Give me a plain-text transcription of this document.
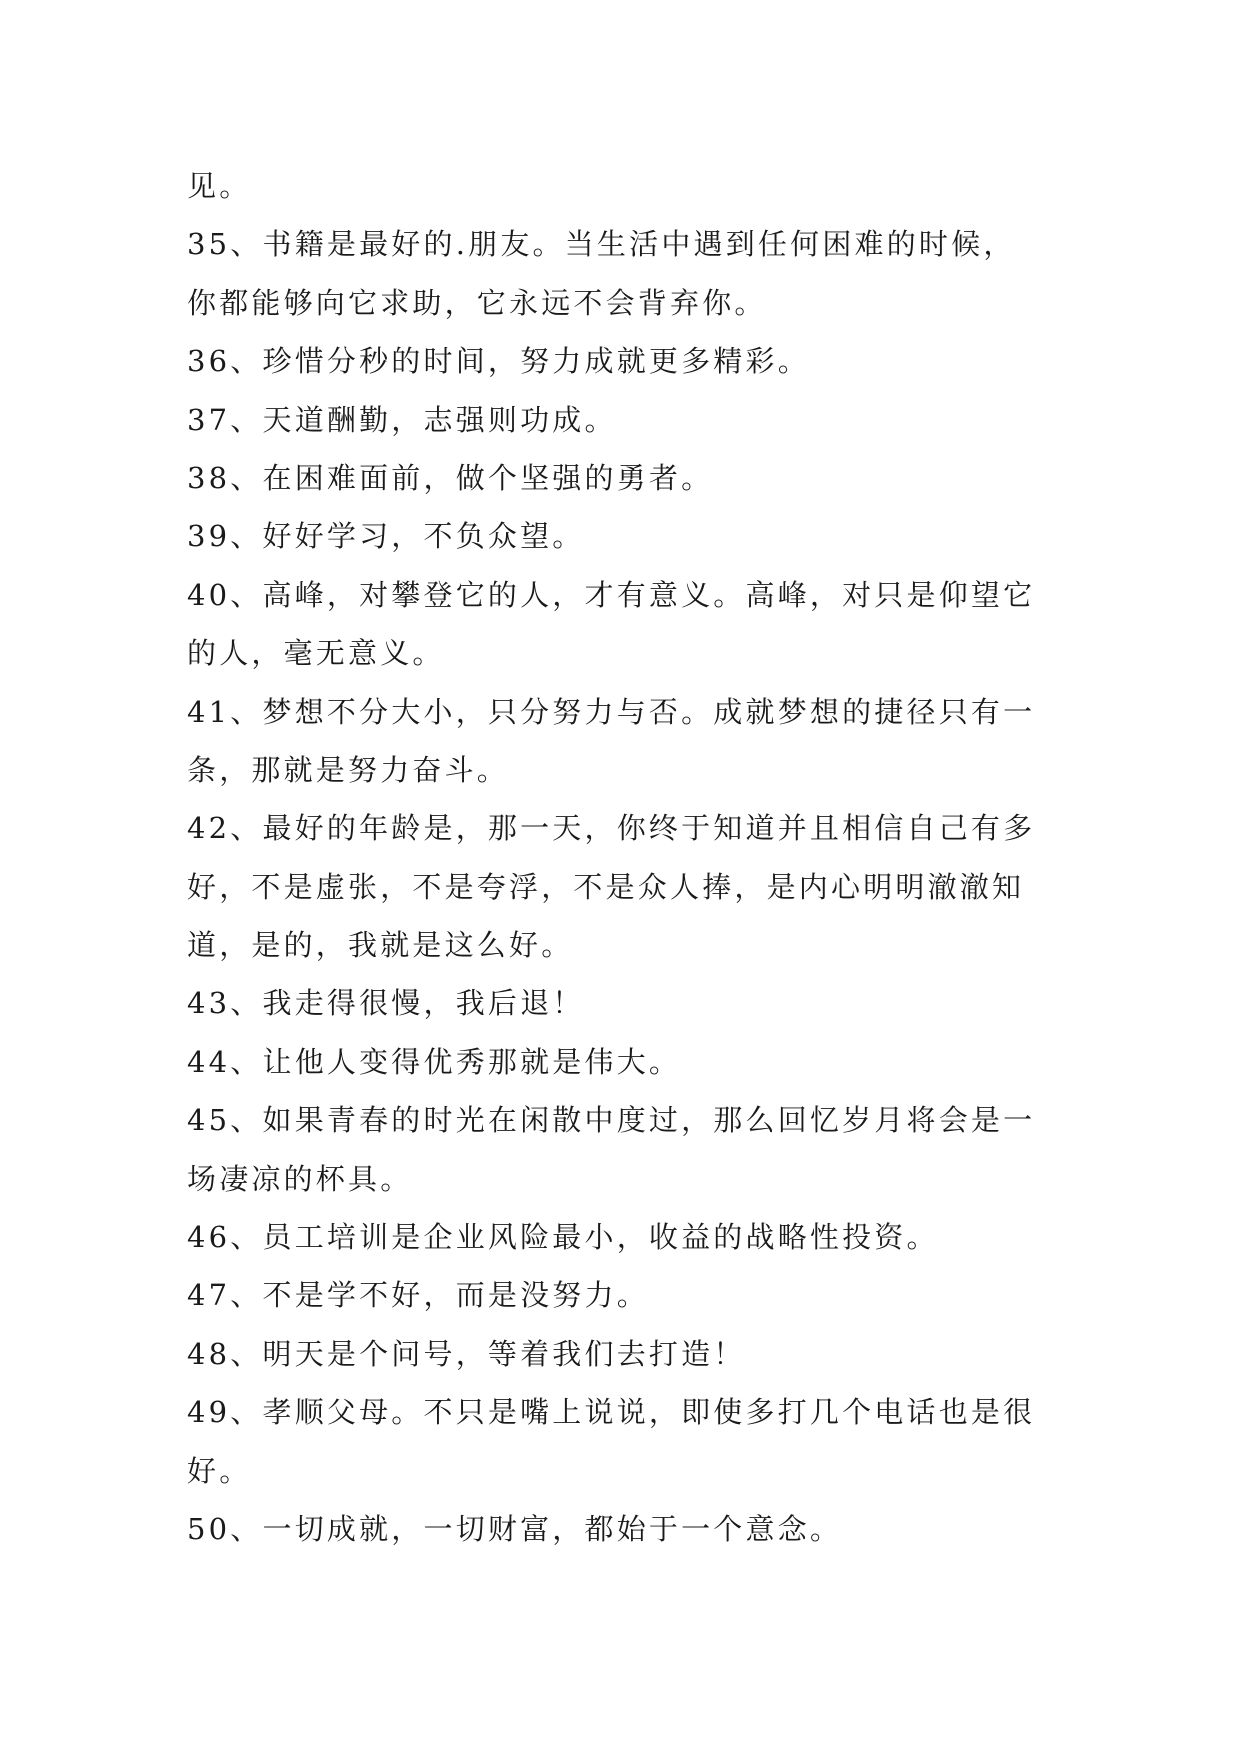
见。
35、书籍是最好的.朋友。当生活中遇到任何困难的时候，
你都能够向它求助，它永远不会背弃你。
36、珍惜分秒的时间，努力成就更多精彩。
37、天道酬勤，志强则功成。
38、在困难面前，做个坚强的勇者。
39、好好学习，不负众望。
40、高峰，对攀登它的人，才有意义。高峰，对只是仰望它
的人，毫无意义。
41、梦想不分大小，只分努力与否。成就梦想的捷径只有一
条，那就是努力奋斗。
42、最好的年龄是，那一天，你终于知道并且相信自己有多
好，不是虚张，不是夸浮，不是众人捧，是内心明明澈澈知
道，是的，我就是这么好。
43、我走得很慢，我后退！
44、让他人变得优秀那就是伟大。
45、如果青春的时光在闲散中度过，那么回忆岁月将会是一
场凄凉的杯具。
46、员工培训是企业风险最小，收益的战略性投资。
47、不是学不好，而是没努力。
48、明天是个问号，等着我们去打造！
49、孝顺父母。不只是嘴上说说，即使多打几个电话也是很
好。
50、一切成就，一切财富，都始于一个意念。
